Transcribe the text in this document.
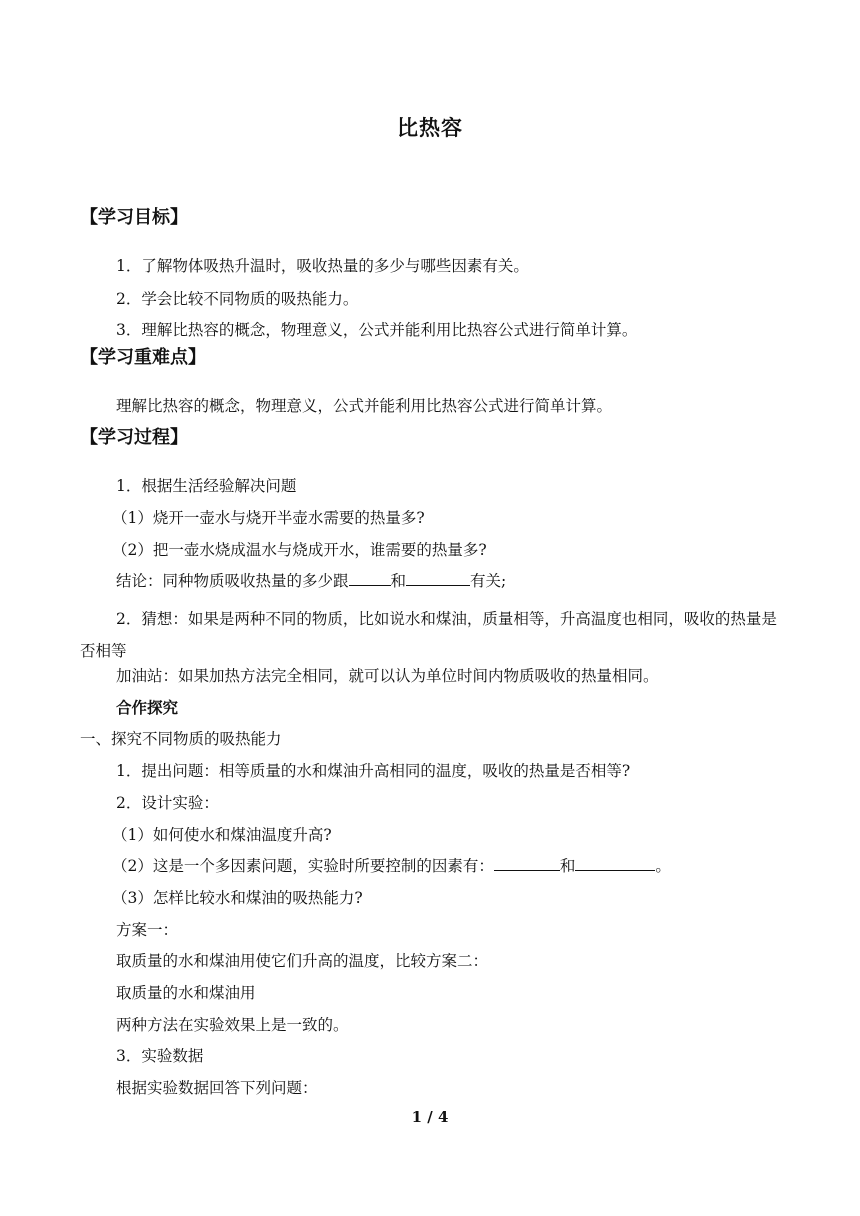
比热容
【学习目标】
1．了解物体吸热升温时，吸收热量的多少与哪些因素有关。
2．学会比较不同物质的吸热能力。
3．理解比热容的概念，物理意义，公式并能利用比热容公式进行简单计算。
【学习重难点】
理解比热容的概念，物理意义，公式并能利用比热容公式进行简单计算。
【学习过程】
1．根据生活经验解决问题
（1）烧开一壶水与烧开半壶水需要的热量多?
（2）把一壶水烧成温水与烧成开水，谁需要的热量多?
结论：同种物质吸收热量的多少跟	和	有关;
2．猜想：如果是两种不同的物质，比如说水和煤油，质量相等，升高温度也相同，吸收的热量是否相等
加油站：如果加热方法完全相同，就可以认为单位时间内物质吸收的热量相同。
合作探究
一、探究不同物质的吸热能力
1．提出问题：相等质量的水和煤油升高相同的温度，吸收的热量是否相等?
2．设计实验：
（1）如何使水和煤油温度升高?
（2）这是一个多因素问题，实验时所要控制的因素有：	和	。
（3）怎样比较水和煤油的吸热能力?
方案一：
取质量的水和煤油用使它们升高的温度，比较方案二：
取质量的水和煤油用
两种方法在实验效果上是一致的。
3．实验数据
根据实验数据回答下列问题：
1 / 4
